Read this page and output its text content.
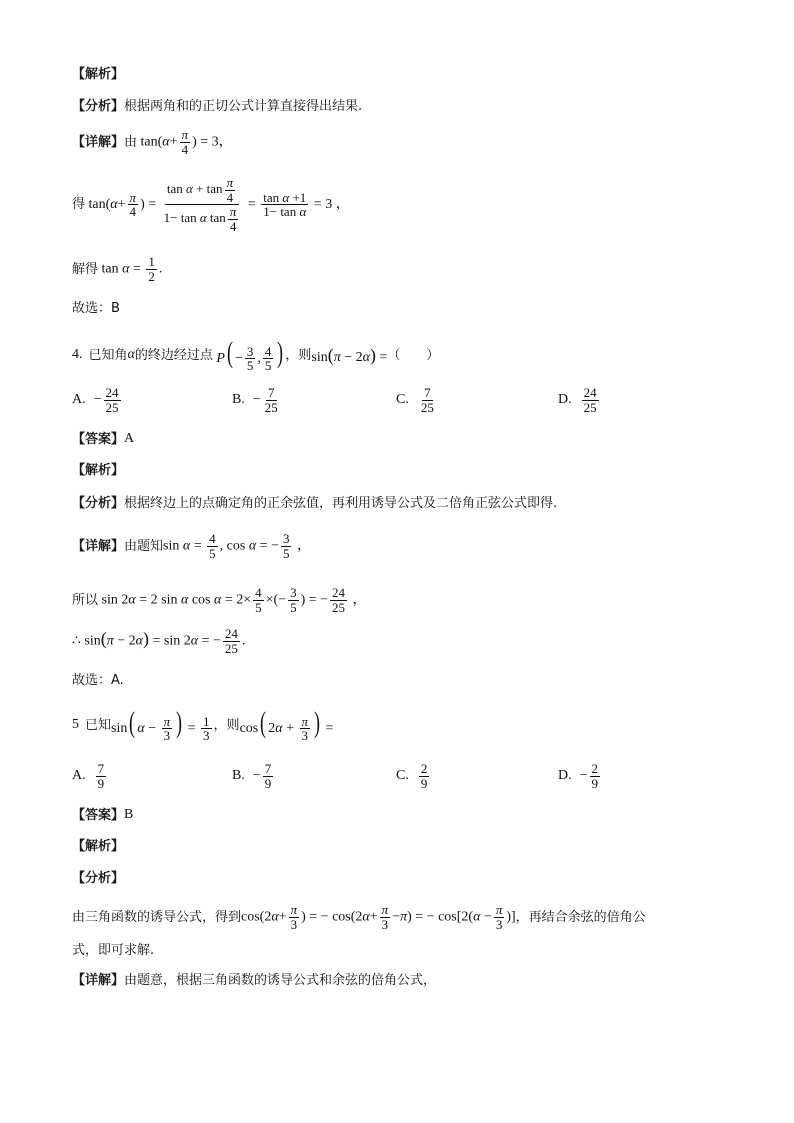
【解析】
【分析】 根据两角和的正切公式计算直接得出结果.
【详解】 由 $\tan(\alpha+ \frac{\pi}{4}$ ) = 3，
得 $\tan(\alpha+ \frac{\pi}{4}$ ) = $\frac{\tan \alpha + \tan \frac{\pi}{4}}{1- \tan \alpha \tan \frac{\pi}{4}} = \frac{\text{tan α +1}}{\text{1− tan α}} = 3$ ，
解得 $\tan \alpha = \frac{1}{2}$ .
故选：B
4. 已知角 α 的终边经过点 $P( - \frac{3}{5}$ , $\frac{4}{5}$ ) ，则 sin(π − 2α) = （　　）
A. − $\frac{24}{25}$	B. − $\frac{7}{25}$	C. $\frac{7}{25}$	D. $\frac{24}{25}$
【答案】 A
【解析】
【分析】 根据终边上的点确定角的正余弦值，再利用诱导公式及二倍角正弦公式即得.
【详解】 由题知 $\sin \alpha = \frac{4}{5}$ , cos α = − $\frac{3}{5}$ ，
所以 sin 2α = 2 sin α $\cos \alpha = 2\times \frac{4}{5}$ ×(− $\frac{3}{5}$ ) = − $\frac{24}{25}$ ，
∴ sin(π − 2α) = sin 2α = − $\frac{24}{25}$ .
故选：A.
5 已知 sin( $\alpha - \frac{\pi}{3}$ ) = $\frac{1}{3}$ ，则 cos( $2\alpha + \frac{\pi}{3}$ ) =
A. $\frac{7}{9}$	B. − $\frac{7}{9}$	C. $\frac{2}{9}$	D. − $\frac{2}{9}$
【答案】 B
【解析】
【分析】
由三角函数的诱导公式，得到 $\cos(2\alpha+ \frac{\pi}{3}$ ) = − $\cos(2\alpha+ \frac{\pi}{3} -\pi)$ = − $\cos[2(\alpha - \frac{\pi}{3}$ )] ，再结合余弦的倍角公
式，即可求解.
【详解】 由题意，根据三角函数的诱导公式和余弦的倍角公式，
